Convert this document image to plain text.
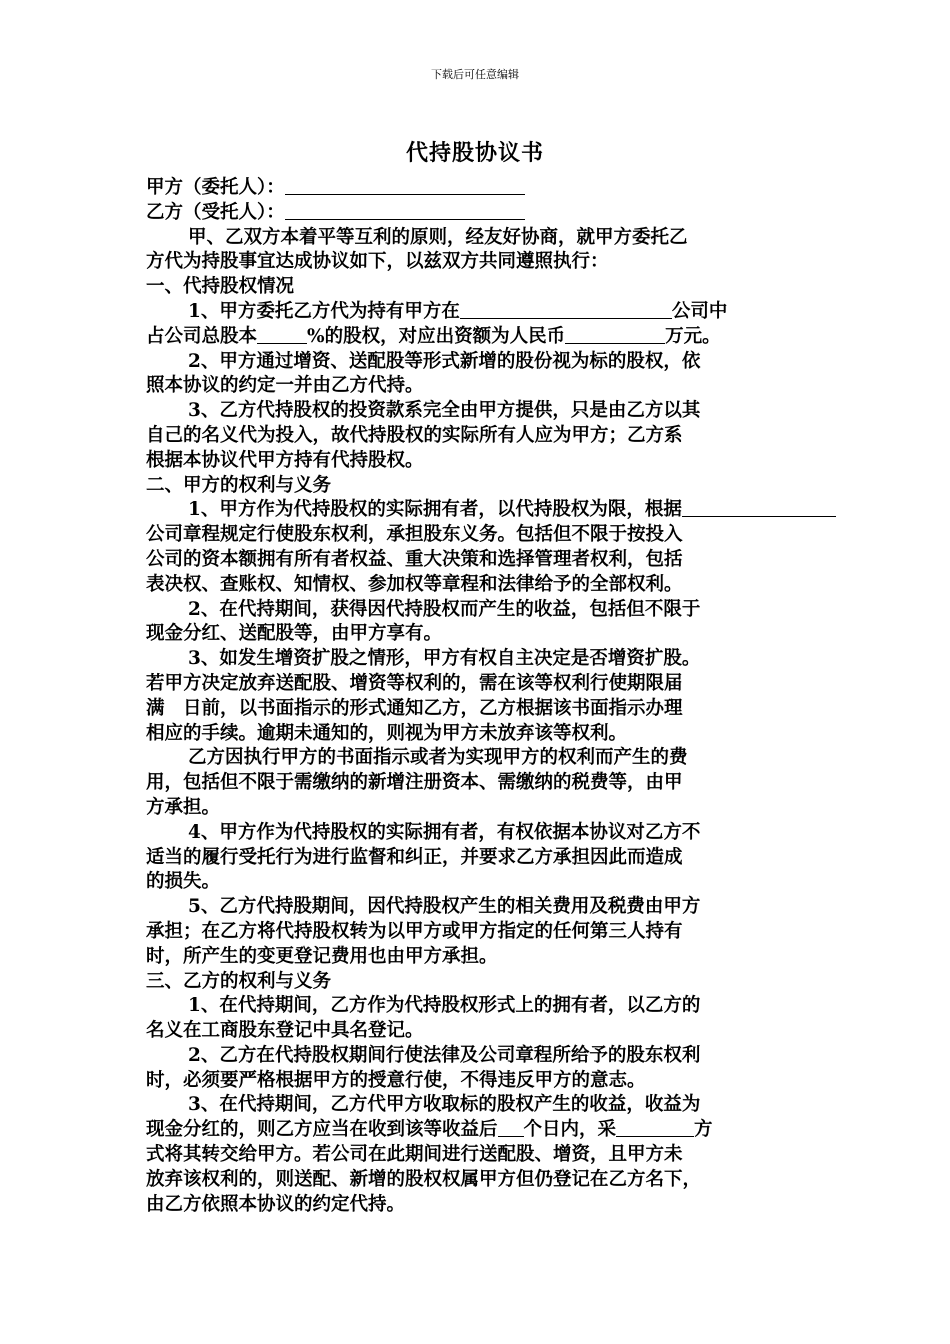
下载后可任意编辑
代持股协议书
甲方（委托人）：
乙方（受托人）：
甲、乙双方本着平等互利的原则，经友好协商，就甲方委托乙
方代为持股事宜达成协议如下，以兹双方共同遵照执行：
一、代持股权情况
1、甲方委托乙方代为持有甲方在	公司中
占公司总股本	%的股权，对应出资额为人民币	万元。
2、甲方通过增资、送配股等形式新增的股份视为标的股权，依
照本协议的约定一并由乙方代持。
3、乙方代持股权的投资款系完全由甲方提供，只是由乙方以其
自己的名义代为投入，故代持股权的实际所有人应为甲方；乙方系
根据本协议代甲方持有代持股权。
二、甲方的权利与义务
1、甲方作为代持股权的实际拥有者，以代持股权为限，根据
公司章程规定行使股东权利，承担股东义务。包括但不限于按投入
公司的资本额拥有所有者权益、重大决策和选择管理者权利，包括
表决权、查账权、知情权、参加权等章程和法律给予的全部权利。
2、在代持期间，获得因代持股权而产生的收益，包括但不限于
现金分红、送配股等，由甲方享有。
3、如发生增资扩股之情形，甲方有权自主决定是否增资扩股。
若甲方决定放弃送配股、增资等权利的，需在该等权利行使期限届
满　日前，以书面指示的形式通知乙方，乙方根据该书面指示办理
相应的手续。逾期未通知的，则视为甲方未放弃该等权利。
乙方因执行甲方的书面指示或者为实现甲方的权利而产生的费
用，包括但不限于需缴纳的新增注册资本、需缴纳的税费等，由甲
方承担。
4、甲方作为代持股权的实际拥有者，有权依据本协议对乙方不
适当的履行受托行为进行监督和纠正，并要求乙方承担因此而造成
的损失。
5、乙方代持股期间，因代持股权产生的相关费用及税费由甲方
承担；在乙方将代持股权转为以甲方或甲方指定的任何第三人持有
时，所产生的变更登记费用也由甲方承担。
三、乙方的权利与义务
1、在代持期间，乙方作为代持股权形式上的拥有者，以乙方的
名义在工商股东登记中具名登记。
2、乙方在代持股权期间行使法律及公司章程所给予的股东权利
时，必须要严格根据甲方的授意行使，不得违反甲方的意志。
3、在代持期间，乙方代甲方收取标的股权产生的收益，收益为
现金分红的，则乙方应当在收到该等收益后 个日内，采	方
式将其转交给甲方。若公司在此期间进行送配股、增资，且甲方未
放弃该权利的，则送配、新增的股权权属甲方但仍登记在乙方名下，
由乙方依照本协议的约定代持。
